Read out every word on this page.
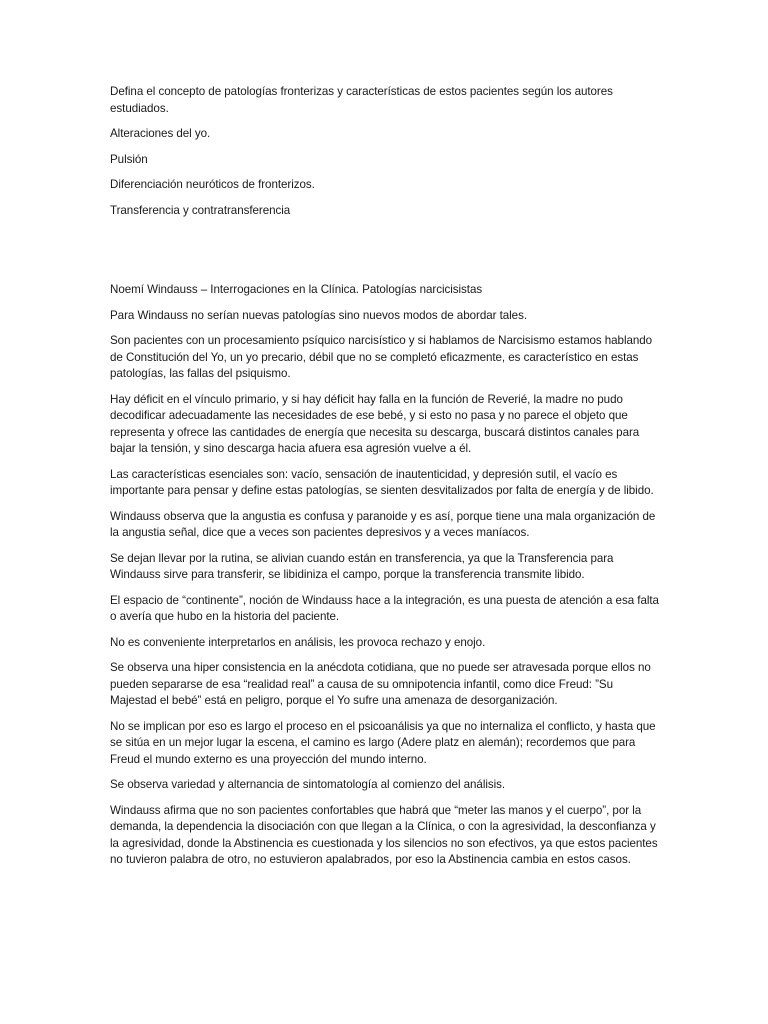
Defina el concepto de patologías fronterizas y características de estos pacientes según los autores estudiados.

Alteraciones del yo.

Pulsión

Diferenciación neuróticos de fronterizos.

Transferencia y contratransferencia

Noemí Windauss – Interrogaciones en la Clínica. Patologías narcicisistas

Para Windauss no serían nuevas patologías sino nuevos modos de abordar tales.

Son pacientes con un procesamiento psíquico narcisístico y si hablamos de Narcisismo estamos hablando de Constitución del Yo, un yo precario, débil que no se completó eficazmente, es característico en estas patologías, las fallas del psiquismo.

Hay déficit en el vínculo primario, y si hay déficit hay falla en la función de Reverié, la madre no pudo decodificar adecuadamente las necesidades de ese bebé, y si esto no pasa y no parece el objeto que representa y ofrece las cantidades de energía que necesita su descarga, buscará distintos canales para bajar la tensión, y sino descarga hacia afuera esa agresión vuelve a él.

Las características esenciales son: vacío, sensación de inautenticidad, y depresión sutil, el vacío es importante para pensar y define estas patologías, se sienten desvitalizados por falta de energía y de libido.

Windauss observa que la angustia es confusa y paranoide y es así, porque tiene una mala organización de la angustia señal, dice que a veces son pacientes depresivos y a veces maníacos.

Se dejan llevar por la rutina, se alivian cuando están en transferencia, ya que la Transferencia para Windauss sirve para transferir, se libidiniza el campo, porque la transferencia transmite libido.

El espacio de “continente”, noción de Windauss hace a la integración, es una puesta de atención a esa falta o avería que hubo en la historia del paciente.

No es conveniente interpretarlos en análisis, les provoca rechazo y enojo.

Se observa una hiper consistencia en la anécdota cotidiana, que no puede ser atravesada porque ellos no pueden separarse de esa “realidad real” a causa de su omnipotencia infantil, como dice Freud: ”Su Majestad el bebé” está en peligro, porque el Yo sufre una amenaza de desorganización.

No se implican por eso es largo el proceso en el psicoanálisis ya que no internaliza el conflicto, y hasta que se sitúa en un mejor lugar la escena, el camino es largo (Adere platz en alemán); recordemos que para Freud el mundo externo es una proyección del mundo interno.

Se observa variedad y alternancia de sintomatología al comienzo del análisis.

Windauss afirma que no son pacientes confortables que habrá que “meter las manos y el cuerpo”, por la demanda, la dependencia la disociación con que llegan a la Clínica, o con la agresividad, la desconfianza y la agresividad, donde la Abstinencia es cuestionada y los silencios no son efectivos, ya que estos pacientes no tuvieron palabra de otro, no estuvieron apalabrados, por eso la Abstinencia cambia en estos casos.
